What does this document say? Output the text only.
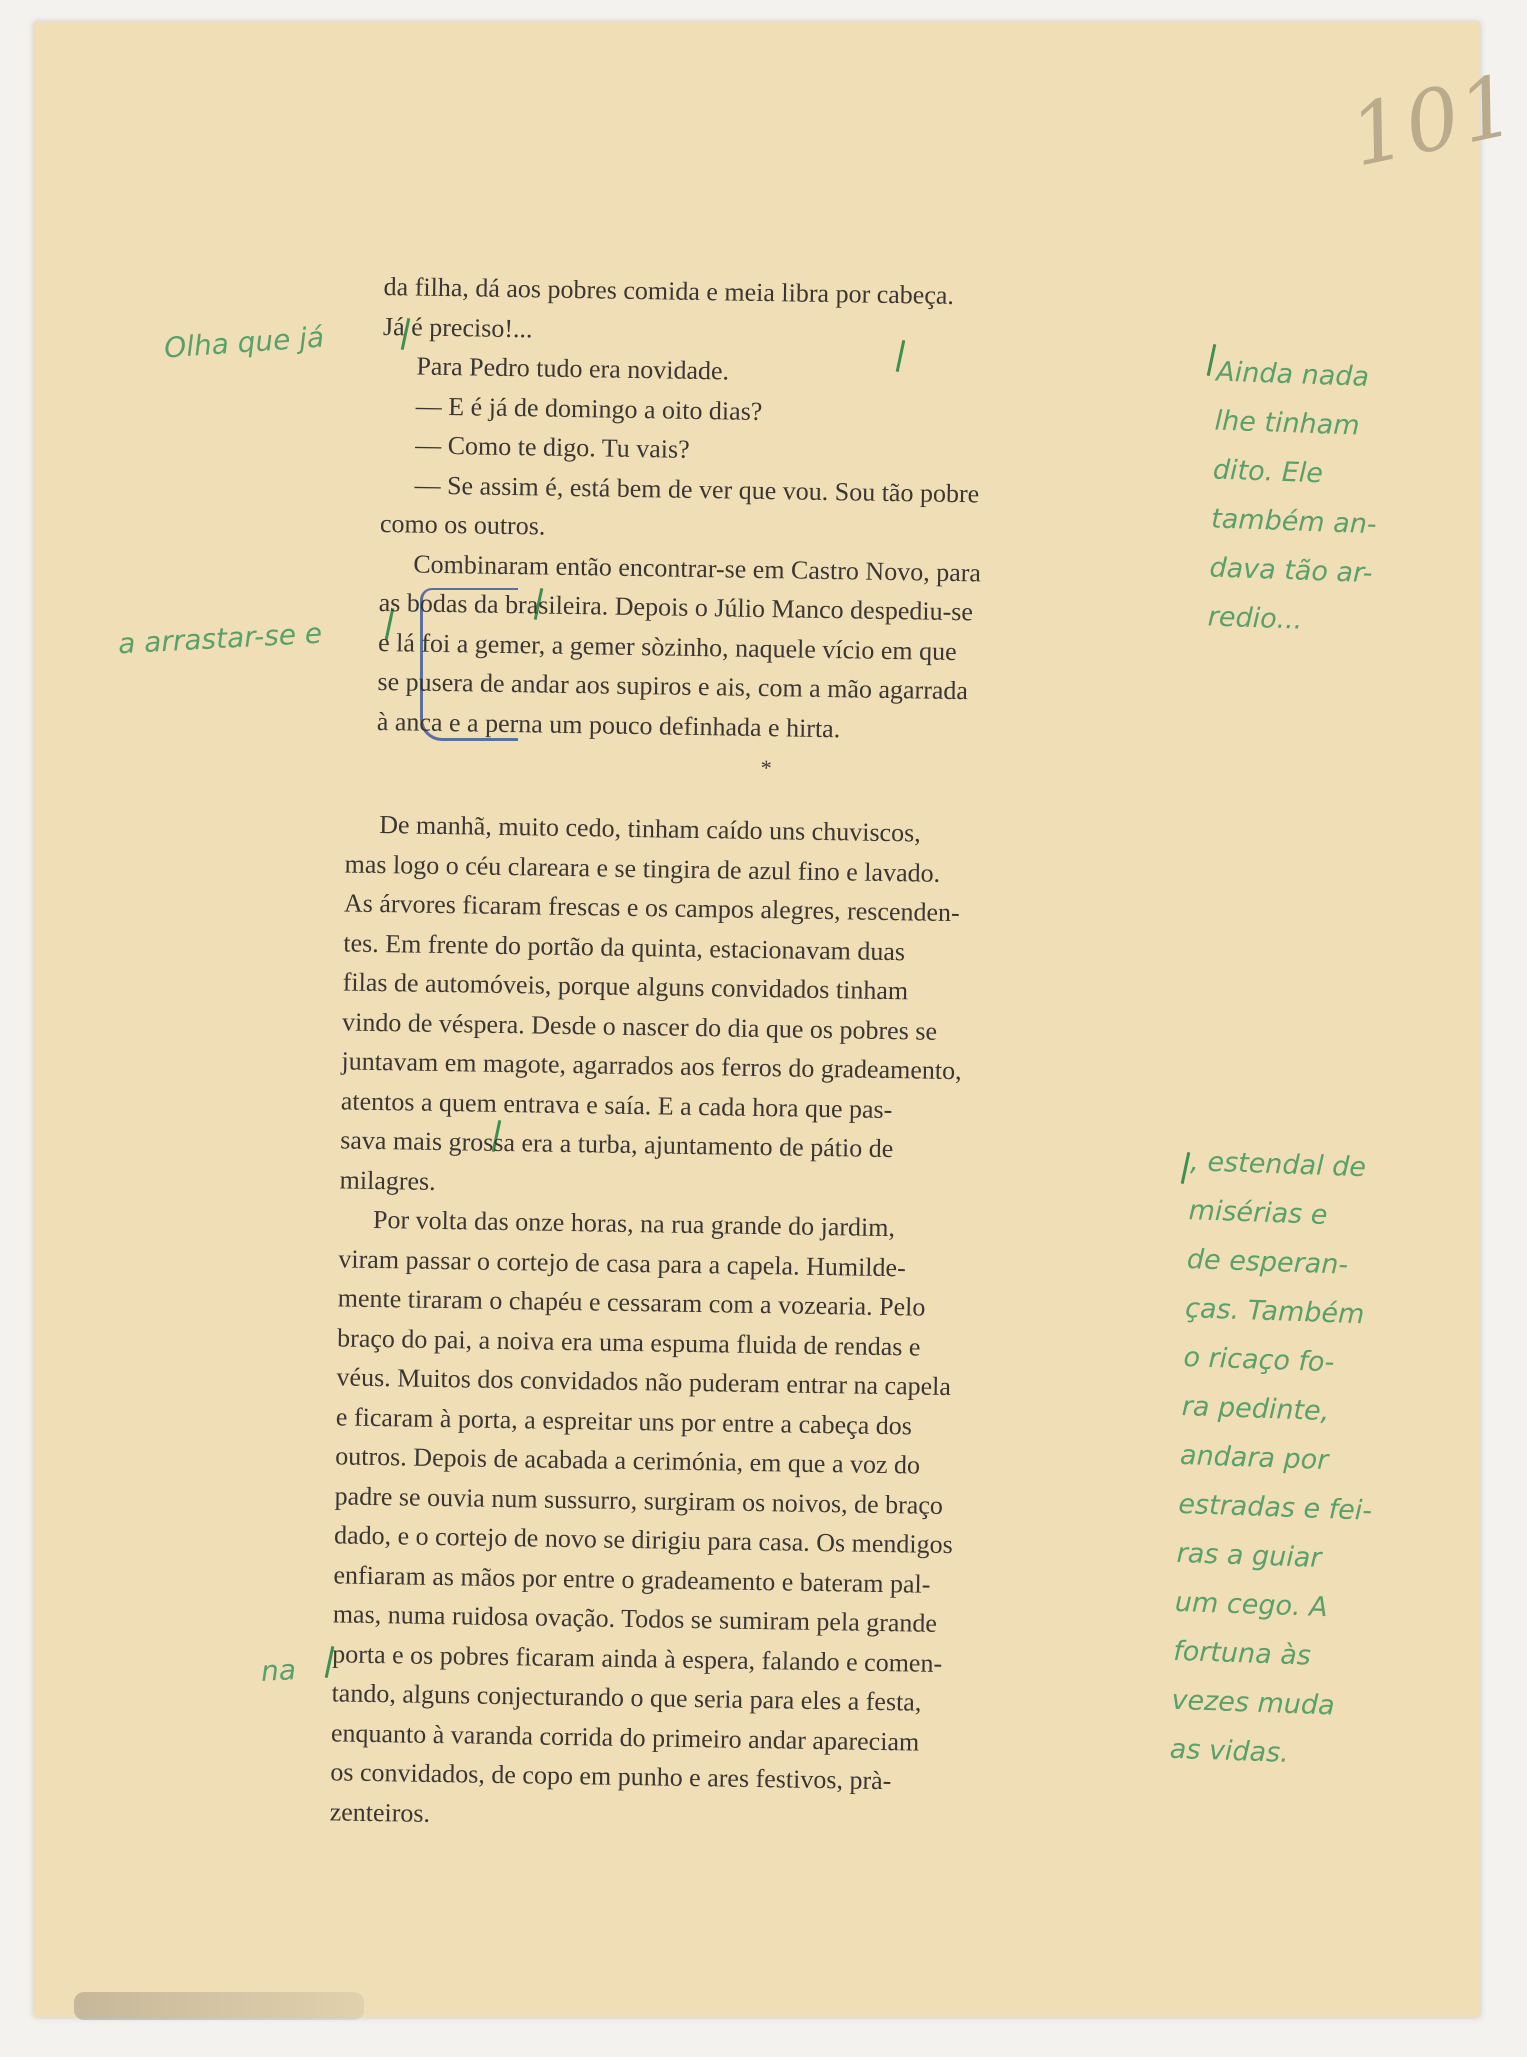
101
Olha que já
a arrastar-se e
na

Ainda nada

lhe tinham

dito. Ele

também an-

dava tão ar-

redio...

, estendal de

misérias e

de esperan-

ças. Também

o ricaço fo-

ra pedinte,

andara por

estradas e fei-

ras a guiar

um cego. A

fortuna às

vezes muda

as vidas.

da filha, dá aos pobres comida e meia libra por cabeça.

Já é preciso!...

Para Pedro tudo era novidade.

— E é já de domingo a oito dias?

— Como te digo. Tu vais?

— Se assim é, está bem de ver que vou. Sou tão pobre

como os outros.

Combinaram então encontrar-se em Castro Novo, para

as bodas da brasileira. Depois o Júlio Manco despediu-se

e lá foi a gemer, a gemer sòzinho, naquele vício em que

se pusera de andar aos supiros e ais, com a mão agarrada

à anca e a perna um pouco definhada e hirta.

*

De manhã, muito cedo, tinham caído uns chuviscos,

mas logo o céu clareara e se tingira de azul fino e lavado.

As árvores ficaram frescas e os campos alegres, rescenden-

tes. Em frente do portão da quinta, estacionavam duas

filas de automóveis, porque alguns convidados tinham

vindo de véspera. Desde o nascer do dia que os pobres se

juntavam em magote, agarrados aos ferros do gradeamento,

atentos a quem entrava e saía. E a cada hora que pas-

sava mais grossa era a turba, ajuntamento de pátio de

milagres.

Por volta das onze horas, na rua grande do jardim,

viram passar o cortejo de casa para a capela. Humilde-

mente tiraram o chapéu e cessaram com a vozearia. Pelo

braço do pai, a noiva era uma espuma fluida de rendas e

véus. Muitos dos convidados não puderam entrar na capela

e ficaram à porta, a espreitar uns por entre a cabeça dos

outros. Depois de acabada a cerimónia, em que a voz do

padre se ouvia num sussurro, surgiram os noivos, de braço

dado, e o cortejo de novo se dirigiu para casa. Os mendigos

enfiaram as mãos por entre o gradeamento e bateram pal-

mas, numa ruidosa ovação. Todos se sumiram pela grande

porta e os pobres ficaram ainda à espera, falando e comen-

tando, alguns conjecturando o que seria para eles a festa,

enquanto à varanda corrida do primeiro andar apareciam

os convidados, de copo em punho e ares festivos, prà-

zenteiros.
